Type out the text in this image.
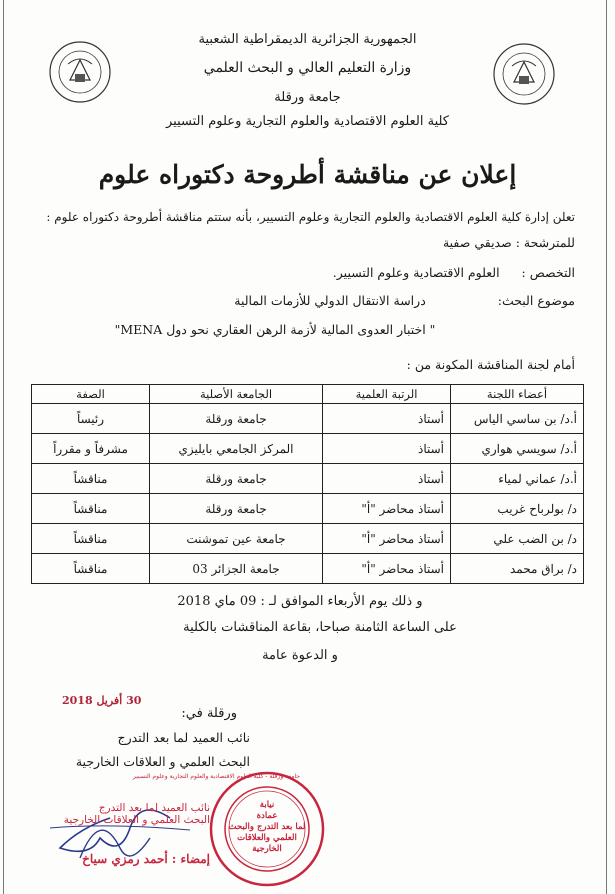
الجمهورية الجزائرية الديمقراطية الشعبية
وزارة التعليم العالي و البحث العلمي
جامعة ورقلة
كلية العلوم الاقتصادية والعلوم التجارية وعلوم التسيير
إعلان عن مناقشة أطروحة دكتوراه علوم
تعلن إدارة كلية العلوم الاقتصادية والعلوم التجارية وعلوم التسيير، بأنه ستتم مناقشة أطروحة دكتوراه علوم :
للمترشحة : صديقي صفية
التخصص :  العلوم الاقتصادية وعلوم التسيير.
موضوع البحث:  دراسة الانتقال الدولي للأزمات المالية
" اختبار العدوى المالية لأزمة الرهن العقاري نحو دول MENA"
أمام لجنة المناقشة المكونة من :
أعضاء اللجنة	الرتبة العلمية	الجامعة الأصلية	الصفة
أ.د/ بن ساسي الياس	أستاذ	جامعة ورقلة	رئيساً
أ.د/ سويسي هواري	أستاذ	المركز الجامعي بايليزي	مشرفاً و مقرراً
أ.د/ عماني لمياء	أستاذ	جامعة ورقلة	مناقشاً
د/ بولرباح غريب	أستاذ محاضر "أ"	جامعة ورقلة	مناقشاً
د/ بن الضب علي	أستاذ محاضر "أ"	جامعة عين تموشنت	مناقشاً
د/ براق محمد	أستاذ محاضر "أ"	جامعة الجزائر 03	مناقشاً
و ذلك يوم الأربعاء الموافق لـ : 09 ماي 2018
على الساعة الثامنة صباحا، بقاعة المناقشات بالكلية
و الدعوة عامة
ورقلة في:
30 أفريل 2018
نائب العميد لما بعد التدرج
البحث العلمي و العلاقات الخارجية
نائب العميد لما بعد التدرج
البحث العلمي و العلاقات الخارجية
إمضاء : أحمد رمزي سياخ
نيابة
عمادة
لما بعد التدرج والبحث العلمي والعلاقات الخارجية
جامعة ورقلة - كلية العلوم الاقتصادية والعلوم التجارية وعلوم التسيير
